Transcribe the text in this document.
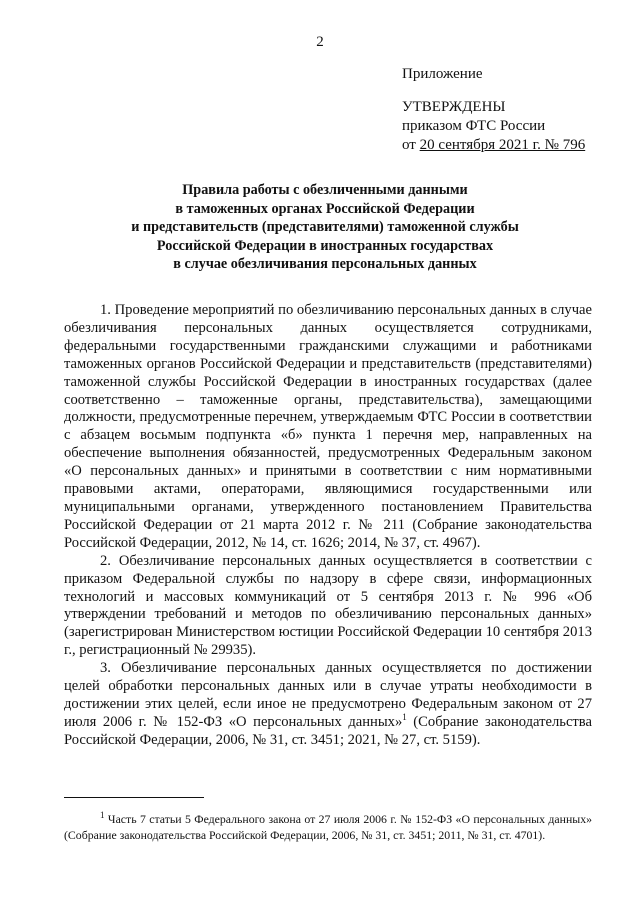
2
Приложение
УТВЕРЖДЕНЫ
приказом ФТС России
от 20 сентября 2021 г. № 796
Правила работы с обезличенными данными
в таможенных органах Российской Федерации
и представительств (представителями) таможенной службы
Российской Федерации в иностранных государствах
в случае обезличивания персональных данных

1. Проведение мероприятий по обезличиванию персональных данных в случае обезличивания персональных данных осуществляется сотрудниками, федеральными государственными гражданскими служащими и работниками таможенных органов Российской Федерации и представительств (представителями) таможенной службы Российской Федерации в иностранных государствах (далее соответственно – таможенные органы, представительства), замещающими должности, предусмотренные перечнем, утверждаемым ФТС России в соответствии с абзацем восьмым подпункта «б» пункта 1 перечня мер, направленных на обеспечение выполнения обязанностей, предусмотренных Федеральным законом «О персональных данных» и принятыми в соответствии с ним нормативными правовыми актами, операторами, являющимися государственными или муниципальными органами, утвержденного постановлением Правительства Российской Федерации от 21 марта 2012 г. № 211 (Собрание законодательства Российской Федерации, 2012, № 14, ст. 1626; 2014, № 37, ст. 4967).

2. Обезличивание персональных данных осуществляется в соответствии с приказом Федеральной службы по надзору в сфере связи, информационных технологий и массовых коммуникаций от 5 сентября 2013 г. № 996 «Об утверждении требований и методов по обезличиванию персональных данных» (зарегистрирован Министерством юстиции Российской Федерации 10 сентября 2013 г., регистрационный № 29935).

3. Обезличивание персональных данных осуществляется по достижении целей обработки персональных данных или в случае утраты необходимости в достижении этих целей, если иное не предусмотрено Федеральным законом от 27 июля 2006 г. № 152-ФЗ «О персональных данных»$^1$ (Собрание законодательства Российской Федерации, 2006, № 31, ст. 3451; 2021, № 27, ст. 5159).

$^1$ Часть 7 статьи 5 Федерального закона от 27 июля 2006 г. № 152-ФЗ «О персональных данных» (Собрание законодательства Российской Федерации, 2006, № 31, ст. 3451; 2011, № 31, ст. 4701).
